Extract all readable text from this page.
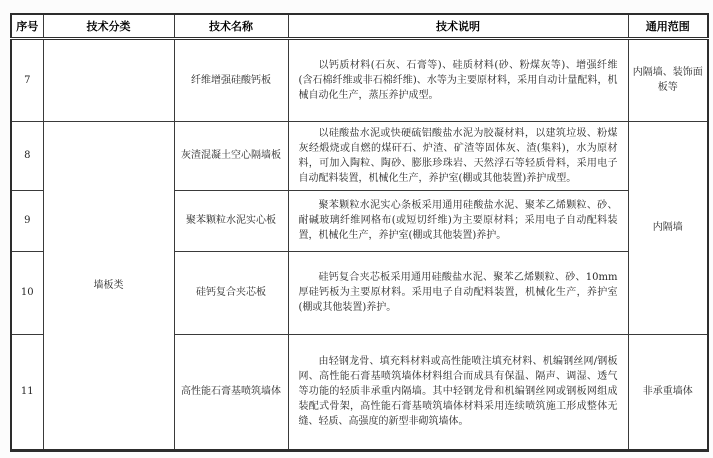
序号	技术分类	技术名称	技术说明	通用范围
7		纤维增强硅酸钙板	以钙质材料(石灰、石膏等)、硅质材料(砂、粉煤灰等)、增强纤维(含石棉纤维或非石棉纤维)、水等为主要原材料，采用自动计量配料，机械自动化生产，蒸压养护成型。	内隔墙、装饰面板等
8	墙板类	灰渣混凝土空心隔墙板	以硅酸盐水泥或快硬硫铝酸盐水泥为胶凝材料，以建筑垃圾、粉煤灰经煅烧或自燃的煤矸石、炉渣、矿渣等固体灰、渣(集料)，水为原材料，可加入陶粒、陶砂、膨胀珍珠岩、天然浮石等轻质骨料，采用电子自动配料装置，机械化生产，养护室(棚或其他装置)养护成型。	内隔墙
9		聚苯颗粒水泥实心板	聚苯颗粒水泥实心条板采用通用硅酸盐水泥、聚苯乙烯颗粒、砂、耐碱玻璃纤维网格布(或短切纤维)为主要原材料；采用电子自动配料装置，机械化生产，养护室(棚或其他装置)养护。	

10		硅钙复合夹芯板	硅钙复合夹芯板采用通用硅酸盐水泥、聚苯乙烯颗粒、砂、10mm厚硅钙板为主要原材料。采用电子自动配料装置，机械化生产，养护室(棚或其他装置)养护。	

11		高性能石膏基喷筑墙体	由轻钢龙骨、填充料材料或高性能喷注填充材料、机编钢丝网/钢板网、高性能石膏基喷筑墙体材料组合而成具有保温、隔声、调湿、透气等功能的轻质非承重内隔墙。其中轻钢龙骨和机编钢丝网或钢板网组成装配式骨架，高性能石膏基喷筑墙体材料采用连续喷筑施工形成整体无缝、轻质、高强度的新型非砌筑墙体。	非承重墙体
